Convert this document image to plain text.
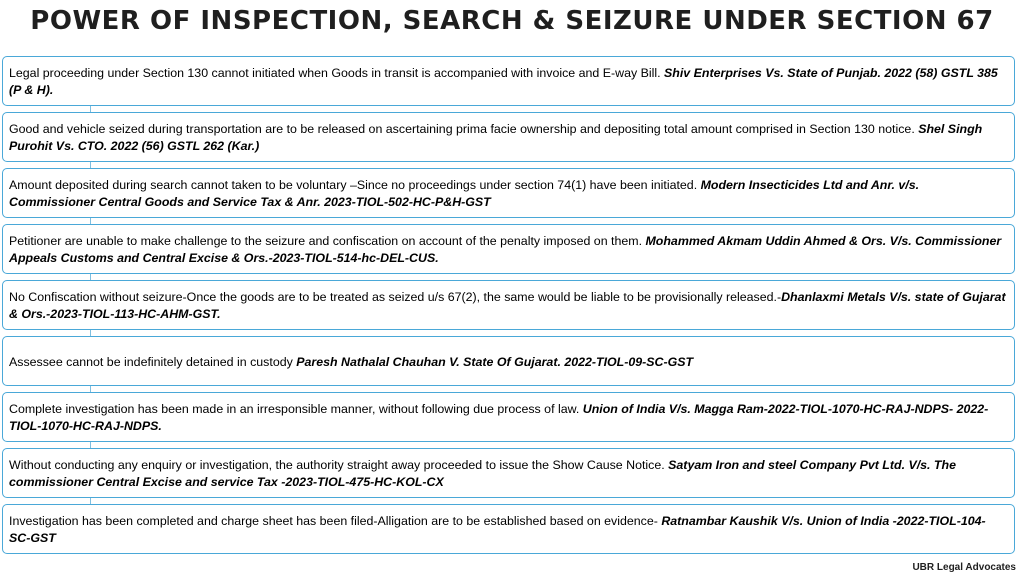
POWER OF INSPECTION, SEARCH & SEIZURE UNDER SECTION 67
Legal proceeding under Section 130 cannot initiated when Goods in transit is accompanied with invoice and E-way Bill. Shiv Enterprises Vs. State of Punjab. 2022 (58) GSTL 385 (P & H).
Good and vehicle seized during transportation are to be released on ascertaining prima facie ownership and depositing total amount comprised in Section 130 notice. Shel Singh Purohit Vs. CTO. 2022 (56) GSTL 262 (Kar.)
Amount deposited during search cannot taken to be voluntary –Since no proceedings under section 74(1) have been initiated. Modern Insecticides Ltd and Anr. v/s. Commissioner Central Goods and Service Tax & Anr. 2023-TIOL-502-HC-P&H-GST
Petitioner are unable to make challenge to the seizure and confiscation on account of the penalty imposed on them. Mohammed Akmam Uddin Ahmed & Ors. V/s. Commissioner Appeals Customs and Central Excise & Ors.-2023-TIOL-514-hc-DEL-CUS.
No Confiscation without seizure-Once the goods are to be treated as seized u/s 67(2), the same would be liable to be provisionally released.-Dhanlaxmi Metals V/s. state of Gujarat & Ors.-2023-TIOL-113-HC-AHM-GST.
Assessee cannot be indefinitely detained in custody Paresh Nathalal Chauhan V. State Of Gujarat. 2022-TIOL-09-SC-GST
Complete investigation has been made in an irresponsible manner, without following due process of law. Union of India V/s. Magga Ram-2022-TIOL-1070-HC-RAJ-NDPS- 2022-TIOL-1070-HC-RAJ-NDPS.
Without conducting any enquiry or investigation, the authority straight away proceeded to issue the Show Cause Notice. Satyam Iron and steel Company Pvt Ltd. V/s. The commissioner Central Excise and service Tax -2023-TIOL-475-HC-KOL-CX
Investigation has been completed and charge sheet has been filed-Alligation are to be established based on evidence- Ratnambar Kaushik V/s. Union of India -2022-TIOL-104-SC-GST
UBR Legal Advocates
